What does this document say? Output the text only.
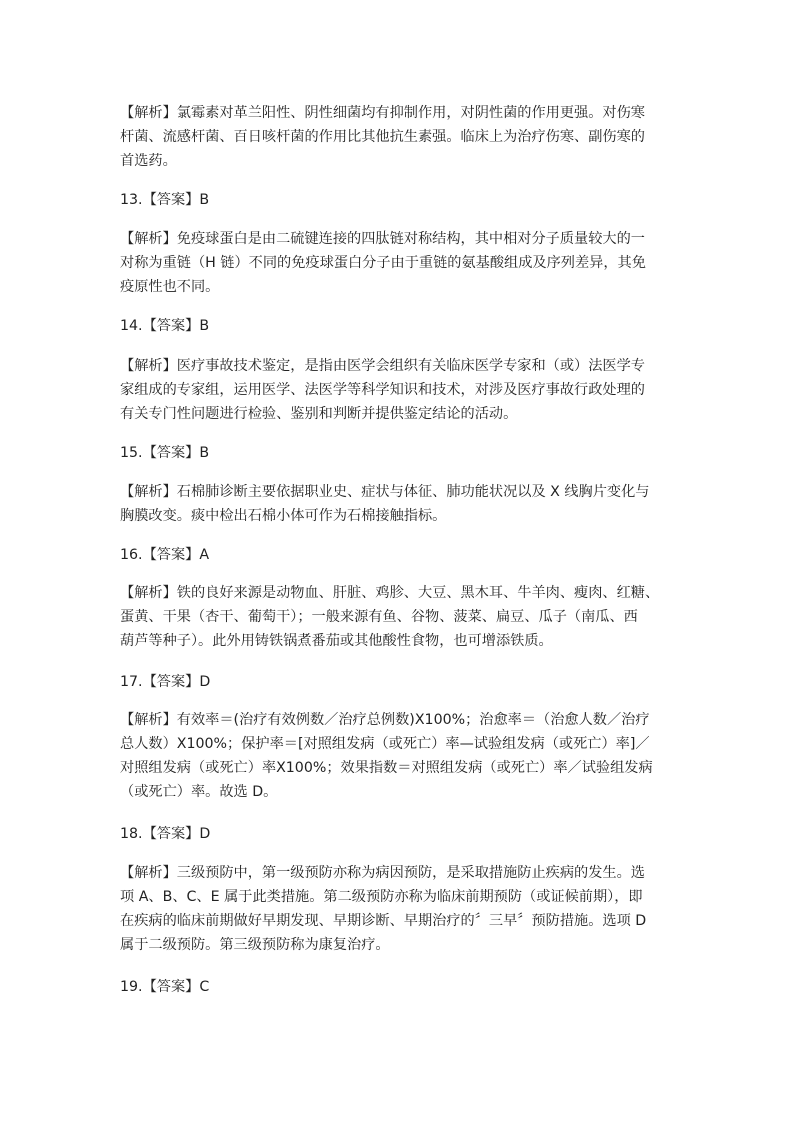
【解析】氯霉素对革兰阳性、阴性细菌均有抑制作用，对阴性菌的作用更强。对伤寒
杆菌、流感杆菌、百日咳杆菌的作用比其他抗生素强。临床上为治疗伤寒、副伤寒的
首选药。
13.【答案】B
【解析】免疫球蛋白是由二硫键连接的四肽链对称结构，其中相对分子质量较大的一
对称为重链（H 链）不同的免疫球蛋白分子由于重链的氨基酸组成及序列差异，其免
疫原性也不同。
14.【答案】B
【解析】医疗事故技术鉴定，是指由医学会组织有关临床医学专家和（或）法医学专
家组成的专家组，运用医学、法医学等科学知识和技术，对涉及医疗事故行政处理的
有关专门性问题进行检验、鉴别和判断并提供鉴定结论的活动。
15.【答案】B
【解析】石棉肺诊断主要依据职业史、症状与体征、肺功能状况以及 X 线胸片变化与
胸膜改变。痰中检出石棉小体可作为石棉接触指标。
16.【答案】A
【解析】铁的良好来源是动物血、肝脏、鸡胗、大豆、黑木耳、牛羊肉、瘦肉、红糖、
蛋黄、干果（杏干、葡萄干）；一般来源有鱼、谷物、菠菜、扁豆、瓜子（南瓜、西
葫芦等种子）。此外用铸铁锅煮番茄或其他酸性食物，也可增添铁质。
17.【答案】D
【解析】有效率＝(治疗有效例数／治疗总例数)X100%；治愈率＝（治愈人数／治疗
总人数）X100%；保护率＝[对照组发病（或死亡）率—试验组发病（或死亡）率]／
对照组发病（或死亡）率X100%；效果指数＝对照组发病（或死亡）率／试验组发病
（或死亡）率。故选 D。
18.【答案】D
【解析】三级预防中，第一级预防亦称为病因预防，是采取措施防止疾病的发生。选
项 A、B、C、E 属于此类措施。第二级预防亦称为临床前期预防（或证候前期），即
在疾病的临床前期做好早期发现、早期诊断、早期治疗的〞三早〞预防措施。选项 D
属于二级预防。第三级预防称为康复治疗。
19.【答案】C
